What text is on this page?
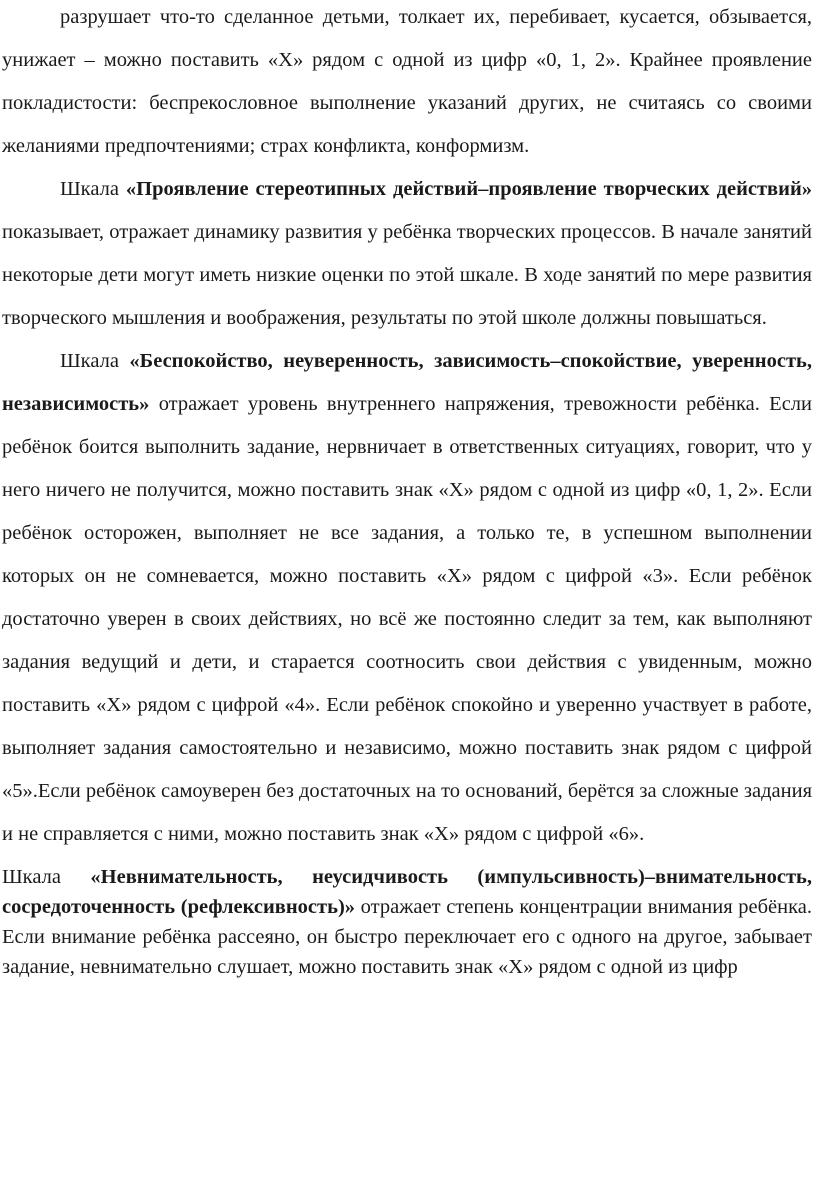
разрушает что-то сделанное детьми, толкает их, перебивает, кусается, обзывается, унижает – можно поставить «Х» рядом с одной из цифр «0, 1, 2». Крайнее проявление покладистости: беспрекословное выполнение указаний других, не считаясь со своими желаниями предпочтениями; страх конфликта, конформизм.

Шкала «Проявление стереотипных действий–проявление творческих действий» показывает, отражает динамику развития у ребёнка творческих процессов. В начале занятий некоторые дети могут иметь низкие оценки по этой шкале. В ходе занятий по мере развития творческого мышления и воображения, результаты по этой школе должны повышаться.

Шкала «Беспокойство, неуверенность, зависимость–спокойствие, уверенность, независимость» отражает уровень внутреннего напряжения, тревожности ребёнка. Если ребёнок боится выполнить задание, нервничает в ответственных ситуациях, говорит, что у него ничего не получится, можно поставить знак «Х» рядом с одной из цифр «0, 1, 2». Если ребёнок осторожен, выполняет не все задания, а только те, в успешном выполнении которых он не сомневается, можно поставить «Х» рядом с цифрой «3». Если ребёнок достаточно уверен в своих действиях, но всё же постоянно следит за тем, как выполняют задания ведущий и дети, и старается соотносить свои действия с увиденным, можно поставить «Х» рядом с цифрой «4». Если ребёнок спокойно и уверенно участвует в работе, выполняет задания самостоятельно и независимо, можно поставить знак рядом с цифрой «5».Если ребёнок самоуверен без достаточных на то оснований, берётся за сложные задания и не справляется с ними, можно поставить знак «Х» рядом с цифрой «6».

Шкала «Невнимательность, неусидчивость (импульсивность)–внимательность, сосредоточенность (рефлексивность)» отражает степень концентрации внимания ребёнка. Если внимание ребёнка рассеяно, он быстро переключает его с одного на другое, забывает задание, невнимательно слушает, можно поставить знак «Х» рядом с одной из цифр
